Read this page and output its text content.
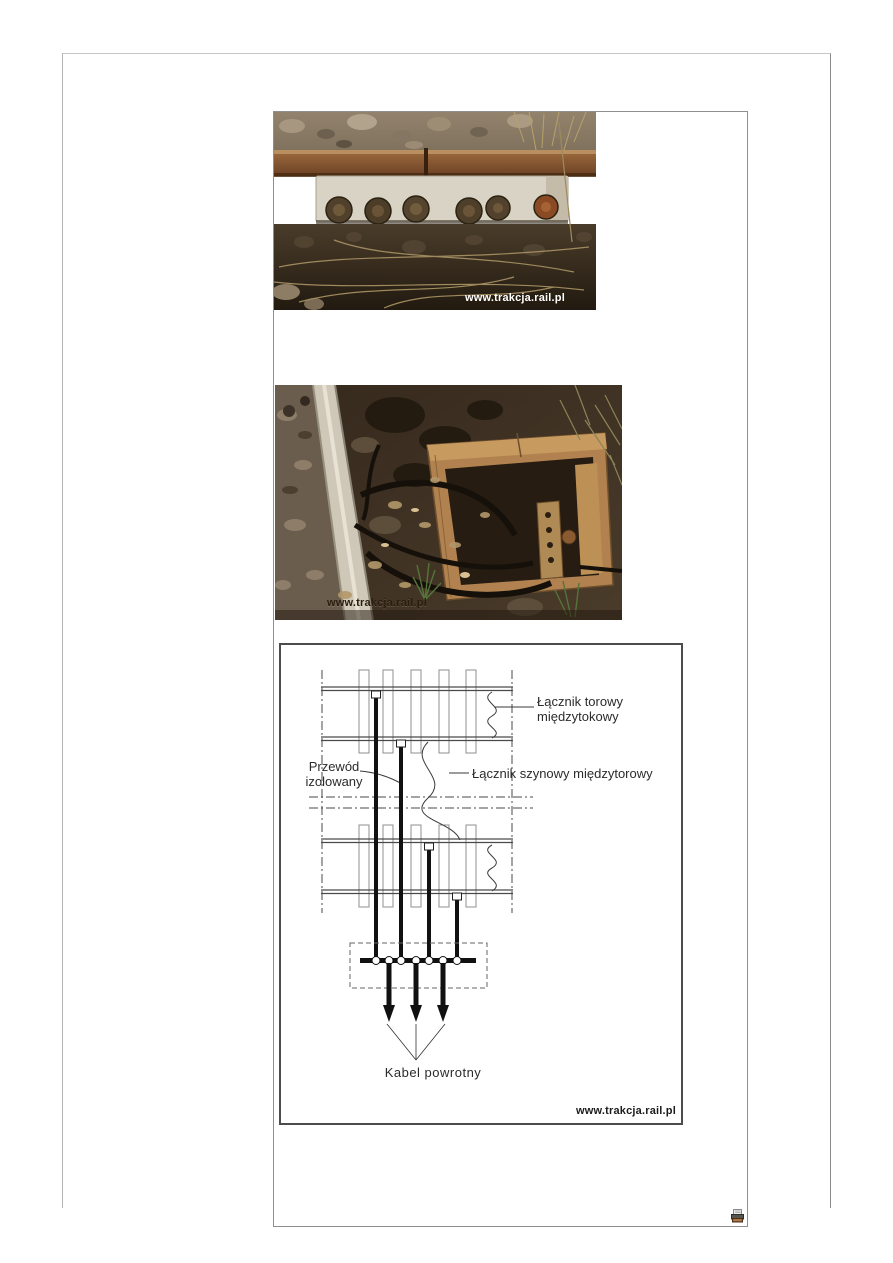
www.trakcja.rail.pl
www.trakcja.rail.pl
Łącznik torowy
międzytokowy
Łącznik szynowy międzytorowy
Przewód
izolowany
Kabel powrotny
www.trakcja.rail.pl
